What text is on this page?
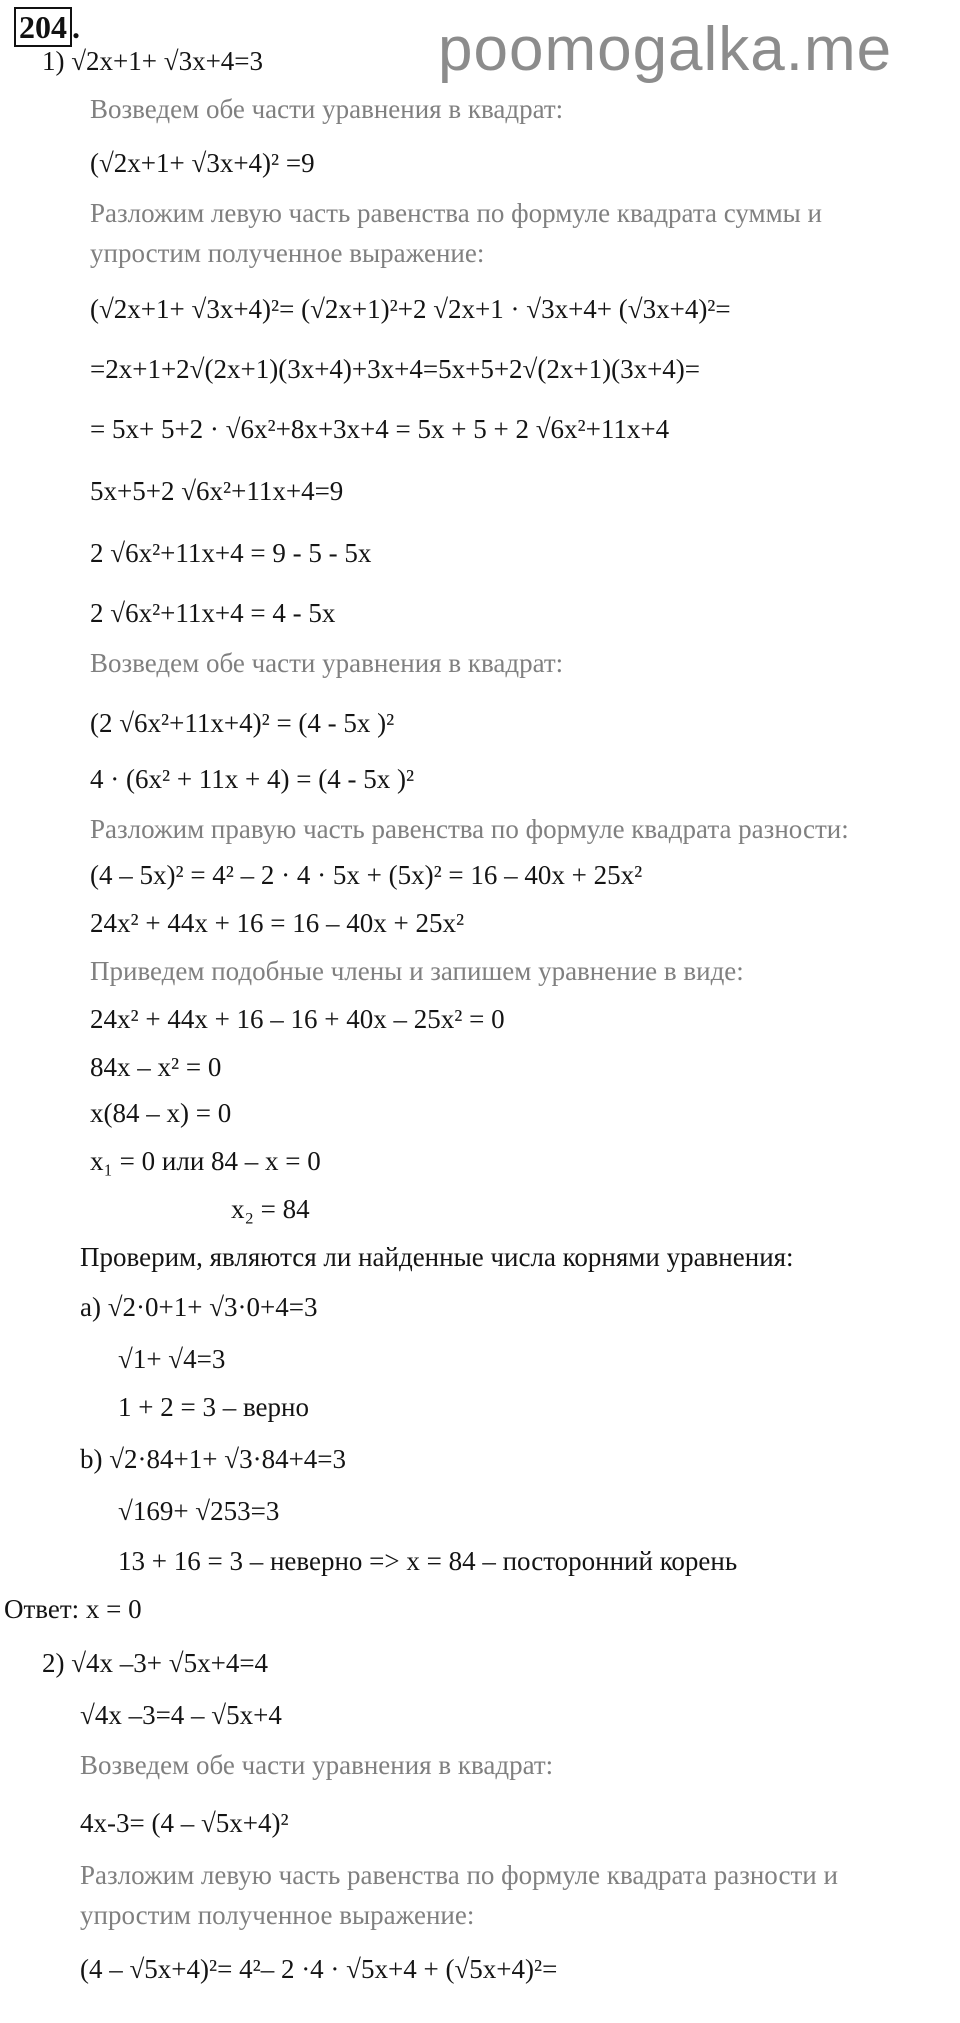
204 .	poomogalka.me
1) √2x+1+ √3x+4=3
Возведем обе части уравнения в квадрат:
(√2x+1+ √3x+4)² =9
Разложим левую часть равенства по формуле квадрата суммы и
упростим полученное выражение:
(√2x+1+ √3x+4)²= (√2x+1)²+2 √2x+1 · √3x+4+ (√3x+4)²=
=2x+1+2√(2x+1)(3x+4)+3x+4=5x+5+2√(2x+1)(3x+4)=
= 5x+ 5+2 · √6x²+8x+3x+4 = 5x + 5 + 2 √6x²+11x+4
5x+5+2 √6x²+11x+4=9
2 √6x²+11x+4 = 9 - 5 - 5x
2 √6x²+11x+4 = 4 - 5x
Возведем обе части уравнения в квадрат:
(2 √6x²+11x+4)² = (4 - 5x )²
4 · (6x² + 11x + 4) = (4 - 5x )²
Разложим правую часть равенства по формуле квадрата разности:
(4 – 5x)² = 4² – 2 · 4 · 5x + (5x)² = 16 – 40x + 25x²
24x² + 44x + 16 = 16 – 40x + 25x²
Приведем подобные члены и запишем уравнение в виде:
24x² + 44x + 16 – 16 + 40x – 25x² = 0
84x – x² = 0
x(84 – x) = 0
x₁ = 0 или 84 – x = 0
x₂ = 84
Проверим, являются ли найденные числа корнями уравнения:
a) √2·0+1+ √3·0+4=3
√1+ √4=3
1 + 2 = 3 – верно
b) √2·84+1+ √3·84+4=3
√169+ √253=3
13 + 16 = 3 – неверно => x = 84 – посторонний корень
Ответ: x = 0
2) √4x –3+ √5x+4=4
√4x –3=4 – √5x+4
Возведем обе части уравнения в квадрат:
4x-3= (4 – √5x+4)²
Разложим левую часть равенства по формуле квадрата разности и
упростим полученное выражение:
(4 – √5x+4)²= 4²– 2 ·4 · √5x+4 + (√5x+4)²=
